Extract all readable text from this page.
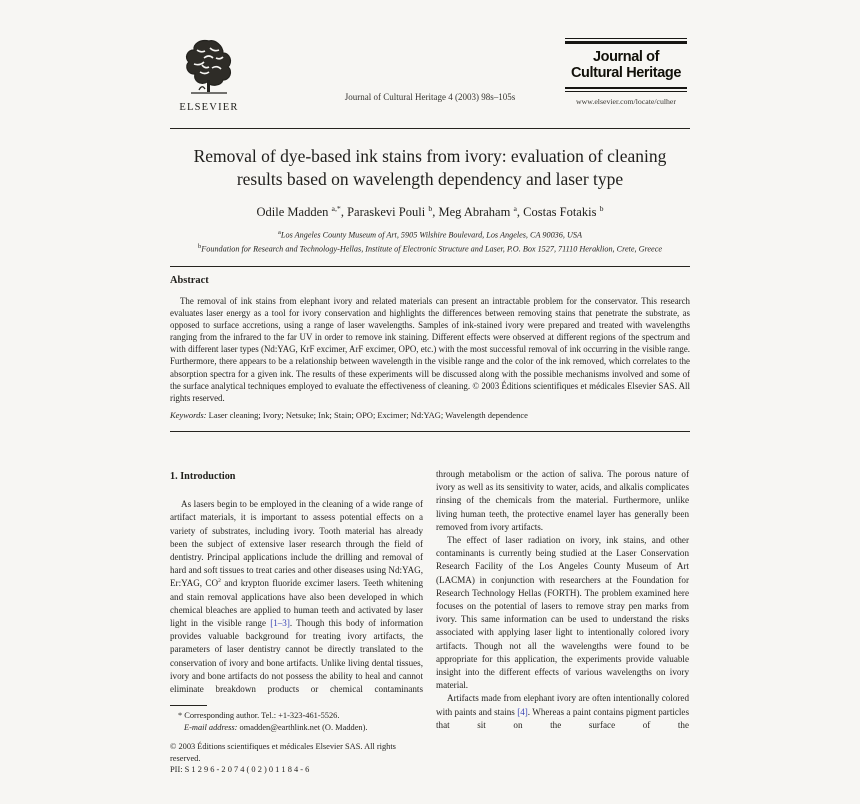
ELSEVIER
Journal of Cultural Heritage 4 (2003) 98s–105s
Journal of
Cultural Heritage
www.elsevier.com/locate/culher
Removal of dye-based ink stains from ivory: evaluation of cleaning results based on wavelength dependency and laser type
Odile Madden $^{a,*}$, Paraskevi Pouli $^b$, Meg Abraham $^a$, Costas Fotakis $^b$
$^a$Los Angeles County Museum of Art, 5905 Wilshire Boulevard, Los Angeles, CA 90036, USA
$^b$Foundation for Research and Technology-Hellas, Institute of Electronic Structure and Laser, P.O. Box 1527, 71110 Heraklion, Crete, Greece
Abstract

The removal of ink stains from elephant ivory and related materials can present an intractable problem for the conservator. This research evaluates laser energy as a tool for ivory conservation and highlights the differences between removing stains that penetrate the substrate, as opposed to surface accretions, using a range of laser wavelengths. Samples of ink-stained ivory were prepared and treated with wavelengths ranging from the infrared to the far UV in order to remove ink staining. Different effects were observed at different regions of the spectrum and with different laser types (Nd:YAG, KrF excimer, ArF excimer, OPO, etc.) with the most successful removal of ink occurring in the visible range. Furthermore, there appears to be a relationship between wavelength in the visible range and the color of the ink removed, which correlates to the absorption spectra for a given ink. The results of these experiments will be discussed along with the possible mechanisms involved and some of the surface analytical techniques employed to evaluate the effectiveness of cleaning. © 2003 Éditions scientifiques et médicales Elsevier SAS. All rights reserved.

Keywords: Laser cleaning; Ivory; Netsuke; Ink; Stain; OPO; Excimer; Nd:YAG; Wavelength dependence
1. Introduction

As lasers begin to be employed in the cleaning of a wide range of artifact materials, it is important to assess potential effects on a variety of substrates, including ivory. Tooth material has already been the subject of extensive laser research through the field of dentistry. Principal applications include the drilling and removal of hard and soft tissues to treat caries and other diseases using Nd:YAG, Er:YAG, $CO^2$ and krypton fluoride excimer lasers. Teeth whitening and stain removal applications have also been developed in which chemical bleaches are applied to human teeth and activated by laser light in the visible range [1–3]. Though this body of information provides valuable background for treating ivory artifacts, the parameters of laser dentistry cannot be directly translated to the conservation of ivory and bone artifacts. Unlike living dental tissues, ivory and bone artifacts do not possess the ability to heal and cannot eliminate breakdown products or chemical contaminants

* Corresponding author. Tel.: +1-323-461-5526.
E-mail address: omadden@earthlink.net (O. Madden).
© 2003 Éditions scientifiques et médicales Elsevier SAS. All rights reserved.
PII: S 1 2 9 6 - 2 0 7 4 ( 0 2 ) 0 1 1 8 4 - 6

through metabolism or the action of saliva. The porous nature of ivory as well as its sensitivity to water, acids, and alkalis complicates rinsing of the chemicals from the material. Furthermore, unlike living human teeth, the protective enamel layer has generally been removed from ivory artifacts.

The effect of laser radiation on ivory, ink stains, and other contaminants is currently being studied at the Laser Conservation Research Facility of the Los Angeles County Museum of Art (LACMA) in conjunction with researchers at the Foundation for Research Technology Hellas (FORTH). The problem examined here focuses on the potential of lasers to remove stray pen marks from ivory. This same information can be used to understand the risks associated with applying laser light to intentionally colored ivory artifacts. Though not all the wavelengths were found to be appropriate for this application, the experiments provide valuable insight into the different effects of various wavelengths on ivory material.

Artifacts made from elephant ivory are often intentionally colored with paints and stains [4]. Whereas a paint contains pigment particles that sit on the surface of the
